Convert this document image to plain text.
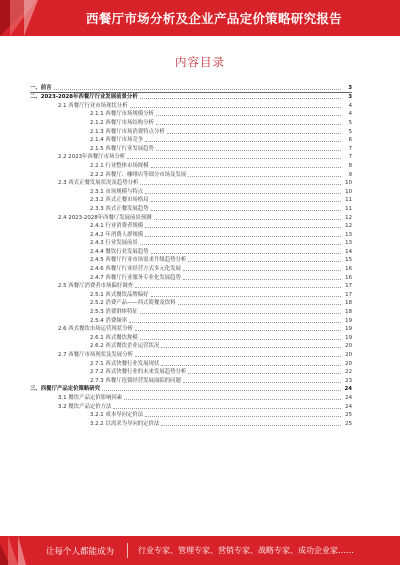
西餐厅市场分析及企业产品定价策略研究报告
内容目录
一、前言	3
二、2023-2028年西餐厅行业发展前景分析	3
2.1 西餐厅行业市场现状分析	4
2.1.1 西餐厅市场规模分析	4
2.1.2 西餐厅市场结构分析	5
2.1.3 西餐厅市场消费特点分析	5
2.1.4 西餐厅市场竞争	6
2.1.5 西餐厅行业发展趋势	7
2.2 2023年西餐厅市场分析	7
2.2.1 行业整体市场规模	8
2.2.2 西餐厅、咖啡店等细分市场及发展	9
2.3 西式正餐发展状况及趋势分析	10
2.3.1 市场规模与特点	10
2.3.2 西式正餐市场格局	11
2.3.3 西式正餐发展趋势	11
2.4 2023-2028年西餐厅发展前景预测	12
2.4.1 行业消费者规模	12
2.4.2 年消费人群规模	13
2.4.3 行业发展前景	13
2.4.4 餐饮行业发展趋势	14
2.4.5 西餐厅行业市场需求升级趋势分析	15
2.4.6 西餐厅行业经营方式多元化发展	16
2.4.7 西餐厅行业服务专业化发展趋势	16
2.5 西餐厅消费者市场偏好调查	17
2.5.1 西式餐饮品牌偏好	17
2.5.2 消费产品——西式简餐及饮料	18
2.5.3 消费群体特征	18
2.5.4 消费频率	19
2.6 西式餐饮市场运营现状分析	19
2.6.1 西式餐饮规模	19
2.6.2 西式餐饮企业运营状况	20
2.7 西餐厅市场现状及发展分析	20
2.7.1 西式快餐行业发展现状	20
2.7.2 西式快餐行业的未来发展趋势分析	22
2.7.3 西餐厅连锁经营发展面临的问题	23
三、西餐厅产品定价策略研究	24
3.1 餐饮产品定价影响因素	24
3.2 餐饮产品定价方法	24
3.2.1 成本导向定价法	25
3.2.2 以需求为导向的定价法	25
让每个人都能成为	行业专家、管理专家、营销专家、战略专家、成功企业家……
